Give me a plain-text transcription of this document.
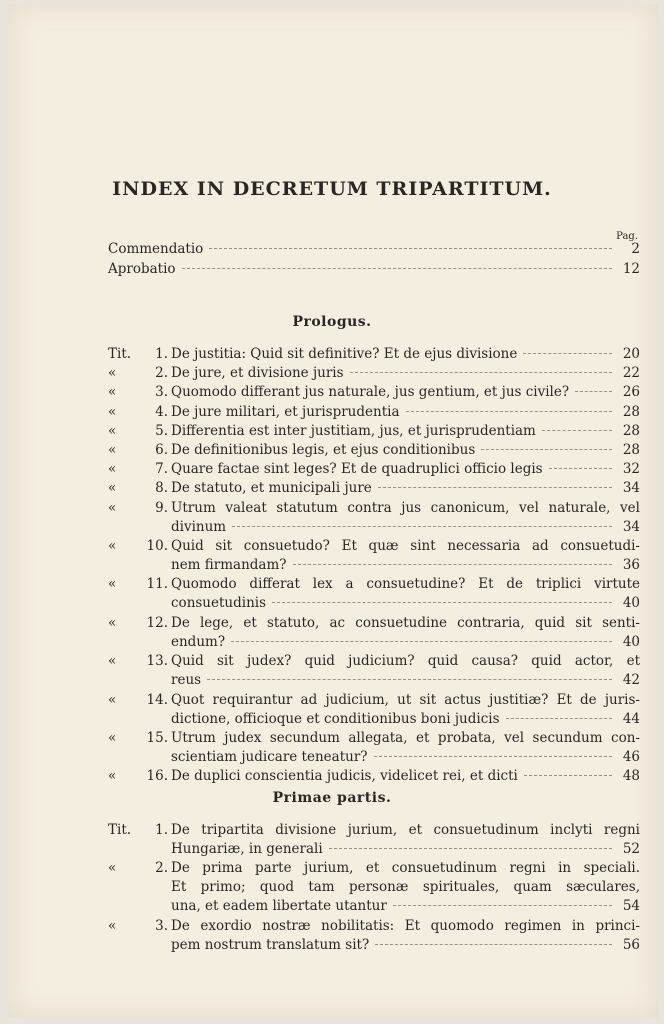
INDEX IN DECRETUM TRIPARTITUM.
Pag.
Commendatio	2
Aprobatio	12
Prologus.
Tit.	1. De justitia: Quid sit definitive? Et de ejus divisione	20
«	2. De jure, et divisione juris	22
«	3. Quomodo differant jus naturale, jus gentium, et jus civile?	26
«	4. De jure militari, et jurisprudentia	28
«	5. Differentia est inter justitiam, jus, et jurisprudentiam	28
«	6. De definitionibus legis, et ejus conditionibus	28
«	7. Quare factae sint leges? Et de quadruplici officio legis	32
«	8. De statuto, et municipali jure	34
«	9. Utrum valeat statutum contra jus canonicum, vel naturale, vel
divinum	34
«	10. Quid sit consuetudo? Et quæ sint necessaria ad consuetudi-
nem firmandam?	36
«	11. Quomodo differat lex a consuetudine? Et de triplici virtute
consuetudinis	40
«	12. De lege, et statuto, ac consuetudine contraria, quid sit senti-
endum?	40
«	13. Quid sit judex? quid judicium? quid causa? quid actor, et
reus	42
«	14. Quot requirantur ad judicium, ut sit actus justitiæ? Et de juris-
dictione, officioque et conditionibus boni judicis	44
«	15. Utrum judex secundum allegata, et probata, vel secundum con-
scientiam judicare teneatur?	46
«	16. De duplici conscientia judicis, videlicet rei, et dicti	48
Primae partis.
Tit.	1. De tripartita divisione jurium, et consuetudinum inclyti regni
Hungariæ, in generali	52
«	2. De prima parte jurium, et consuetudinum regni in speciali.
Et primo; quod tam personæ spirituales, quam sæculares,
una, et eadem libertate utantur	54
«	3. De exordio nostræ nobilitatis: Et quomodo regimen in princi-
pem nostrum translatum sit?	56
